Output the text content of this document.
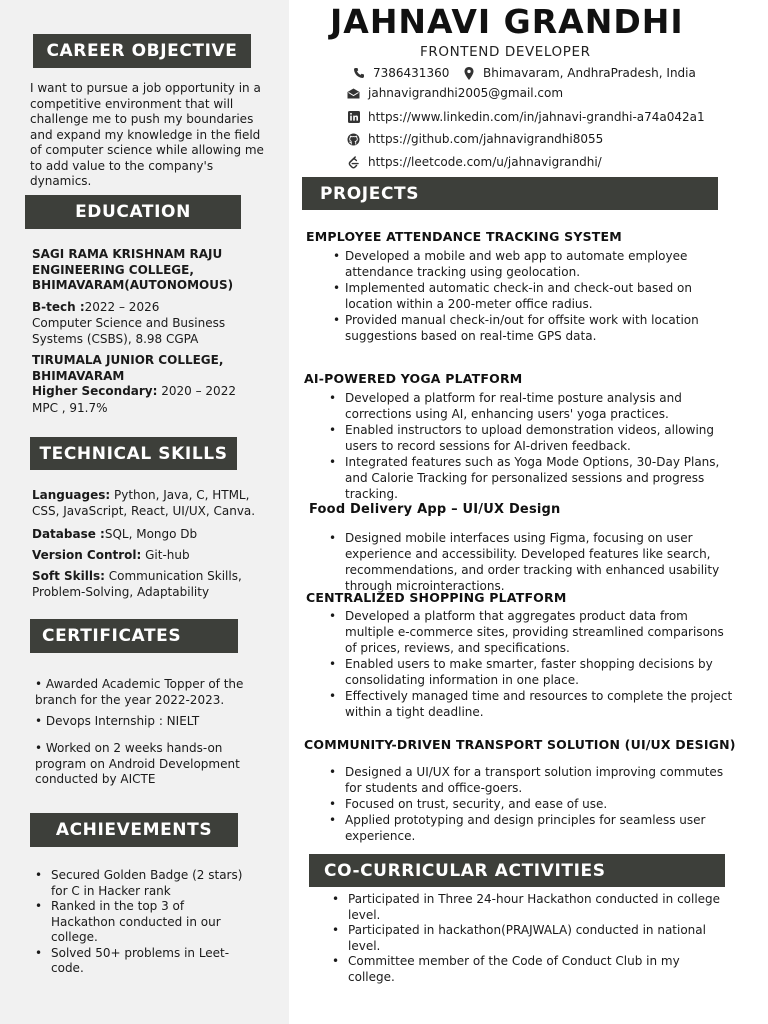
JAHNAVI GRANDHI
FRONTEND DEVELOPER
7386431360	Bhimavaram, AndhraPradesh, India
jahnavigrandhi2005@gmail.com
https://www.linkedin.com/in/jahnavi-grandhi-a74a042a1
https://github.com/jahnavigrandhi8055
https://leetcode.com/u/jahnavigrandhi/
CAREER OBJECTIVE
I want to pursue a job opportunity in a competitive environment that will challenge me to push my boundaries and expand my knowledge in the field of computer science while allowing me to add value to the company's dynamics.
EDUCATION
SAGI RAMA KRISHNAM RAJU ENGINEERING COLLEGE, BHIMAVARAM(AUTONOMOUS)
B-tech :2022 – 2026
Computer Science and Business Systems (CSBS), 8.98 CGPA
TIRUMALA JUNIOR COLLEGE, BHIMAVARAM
Higher Secondary: 2020 – 2022
MPC , 91.7%
TECHNICAL SKILLS
Languages: Python, Java, C, HTML, CSS, JavaScript, React, UI/UX, Canva.
Database :SQL, Mongo Db
Version Control: Git-hub
Soft Skills: Communication Skills, Problem-Solving, Adaptability
CERTIFICATES
• Awarded Academic Topper of the branch for the year 2022-2023.
• Devops Internship : NIELT
• Worked on 2 weeks hands-on program on Android Development conducted by AICTE
ACHIEVEMENTS
• Secured Golden Badge (2 stars) for C in Hacker rank
• Ranked in the top 3 of Hackathon conducted in our college.
• Solved 50+ problems in Leet-code.
PROJECTS
EMPLOYEE ATTENDANCE TRACKING SYSTEM
• Developed a mobile and web app to automate employee attendance tracking using geolocation.
• Implemented automatic check-in and check-out based on location within a 200-meter office radius.
• Provided manual check-in/out for offsite work with location suggestions based on real-time GPS data.
AI-POWERED YOGA PLATFORM
• Developed a platform for real-time posture analysis and corrections using AI, enhancing users' yoga practices.
• Enabled instructors to upload demonstration videos, allowing users to record sessions for AI-driven feedback.
• Integrated features such as Yoga Mode Options, 30-Day Plans, and Calorie Tracking for personalized sessions and progress tracking.
Food Delivery App – UI/UX Design
• Designed mobile interfaces using Figma, focusing on user experience and accessibility. Developed features like search, recommendations, and order tracking with enhanced usability through microinteractions.
CENTRALIZED SHOPPING PLATFORM
• Developed a platform that aggregates product data from multiple e-commerce sites, providing streamlined comparisons of prices, reviews, and specifications.
• Enabled users to make smarter, faster shopping decisions by consolidating information in one place.
• Effectively managed time and resources to complete the project within a tight deadline.
COMMUNITY-DRIVEN TRANSPORT SOLUTION (UI/UX DESIGN)
• Designed a UI/UX for a transport solution improving commutes for students and office-goers.
• Focused on trust, security, and ease of use.
• Applied prototyping and design principles for seamless user experience.
CO-CURRICULAR ACTIVITIES
• Participated in Three 24-hour Hackathon conducted in college level.
• Participated in hackathon(PRAJWALA) conducted in national level.
• Committee member of the Code of Conduct Club in my college.
